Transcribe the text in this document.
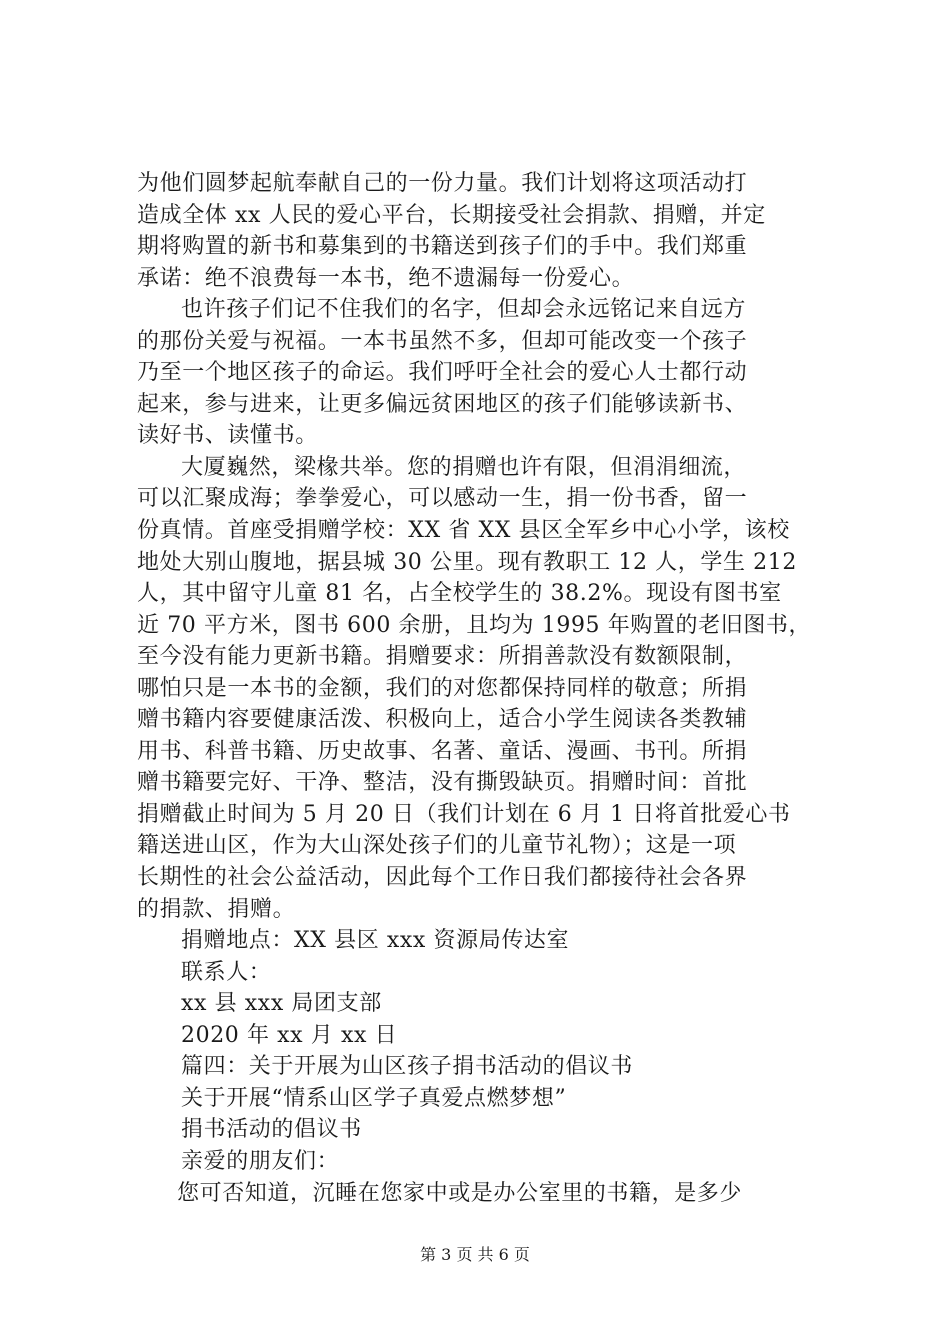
为他们圆梦起航奉献自己的一份力量。我们计划将这项活动打
造成全体 xx 人民的爱心平台，长期接受社会捐款、捐赠，并定
期将购置的新书和募集到的书籍送到孩子们的手中。我们郑重
承诺：绝不浪费每一本书，绝不遗漏每一份爱心。
也许孩子们记不住我们的名字，但却会永远铭记来自远方
的那份关爱与祝福。一本书虽然不多，但却可能改变一个孩子
乃至一个地区孩子的命运。我们呼吁全社会的爱心人士都行动
起来，参与进来，让更多偏远贫困地区的孩子们能够读新书、
读好书、读懂书。
大厦巍然，梁椽共举。您的捐赠也许有限，但涓涓细流，
可以汇聚成海；拳拳爱心，可以感动一生，捐一份书香，留一
份真情。首座受捐赠学校：XX 省 XX 县区全军乡中心小学，该校
地处大别山腹地，据县城 30 公里。现有教职工 12 人，学生 212
人，其中留守儿童 81 名，占全校学生的 38.2%。现设有图书室
近 70 平方米，图书 600 余册，且均为 1995 年购置的老旧图书，
至今没有能力更新书籍。捐赠要求：所捐善款没有数额限制，
哪怕只是一本书的金额，我们的对您都保持同样的敬意；所捐
赠书籍内容要健康活泼、积极向上，适合小学生阅读各类教辅
用书、科普书籍、历史故事、名著、童话、漫画、书刊。所捐
赠书籍要完好、干净、整洁，没有撕毁缺页。捐赠时间：首批
捐赠截止时间为 5 月 20 日（我们计划在 6 月 1 日将首批爱心书
籍送进山区，作为大山深处孩子们的儿童节礼物）；这是一项
长期性的社会公益活动，因此每个工作日我们都接待社会各界
的捐款、捐赠。
捐赠地点：XX 县区 xxx 资源局传达室
联系人：
xx 县 xxx 局团支部
2020 年 xx 月 xx 日
篇四：关于开展为山区孩子捐书活动的倡议书
关于开展“情系山区学子真爱点燃梦想”
捐书活动的倡议书
亲爱的朋友们：
您可否知道，沉睡在您家中或是办公室里的书籍，是多少
第 3 页 共 6 页
